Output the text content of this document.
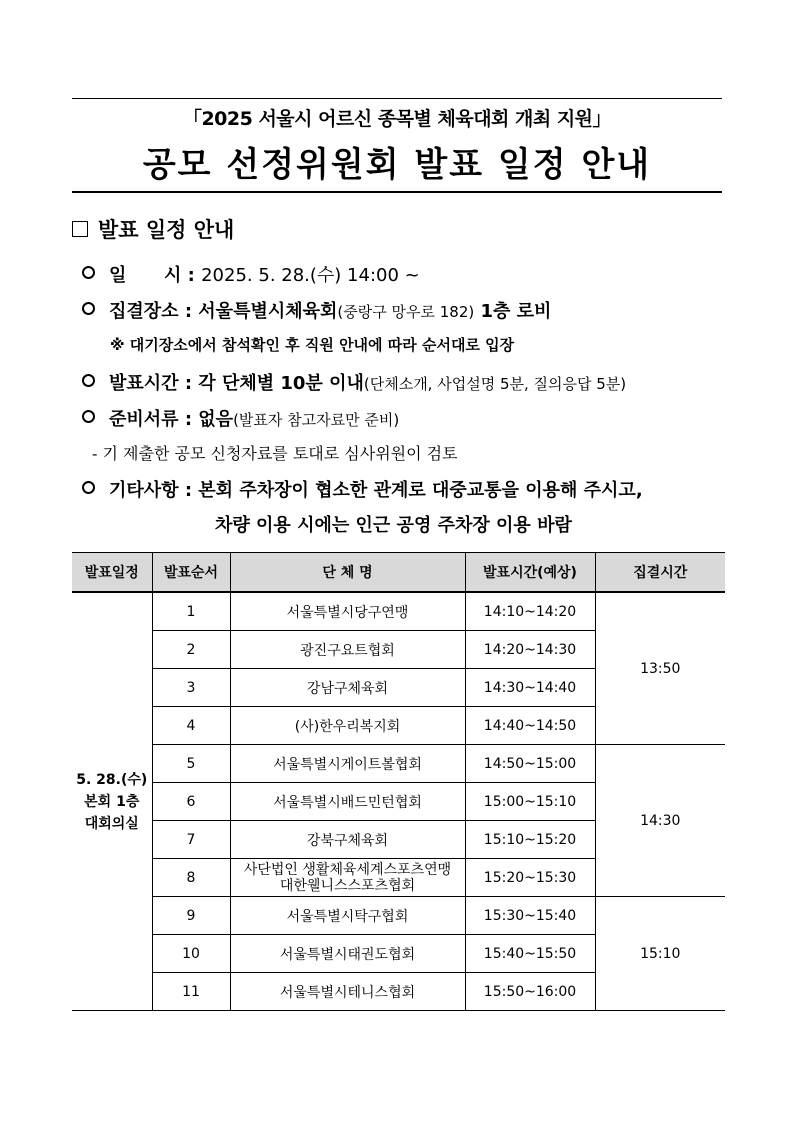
「2025 서울시 어르신 종목별 체육대회 개최 지원」
공모 선정위원회 발표 일정 안내
발표 일정 안내
일      시 : 2025. 5. 28.(수) 14:00 ~
집결장소 : 서울특별시체육회 (중랑구 망우로 182) 1층 로비
※ 대기장소에서 참석확인 후 직원 안내에 따라 순서대로 입장
발표시간 : 각 단체별 10분 이내 (단체소개, 사업설명 5분, 질의응답 5분)
준비서류 : 없음 (발표자 참고자료만 준비)
- 기 제출한 공모 신청자료를 토대로 심사위원이 검토
기타사항 : 본회 주차장이 협소한 관계로 대중교통을 이용해 주시고,
차량 이용 시에는 인근 공영 주차장 이용 바람
발표일정	발표순서	단 체 명	발표시간(예상)	집결시간

5. 28.(수)
본회 1층
대회의실	1	서울특별시당구연맹	14:10~14:20	13:50
	2	광진구요트협회	14:20~14:30	
	3	강남구체육회	14:30~14:40	
	4	(사)한우리복지회	14:40~14:50	
	5	서울특별시게이트볼협회	14:50~15:00	14:30
	6	서울특별시배드민턴협회	15:00~15:10	
	7	강북구체육회	15:10~15:20	
	8	사단법인 생활체육세계스포츠연맹
대한웰니스스포츠협회	15:20~15:30	
	9	서울특별시탁구협회	15:30~15:40	15:10
	10	서울특별시태권도협회	15:40~15:50	
	11	서울특별시테니스협회	15:50~16:00	
